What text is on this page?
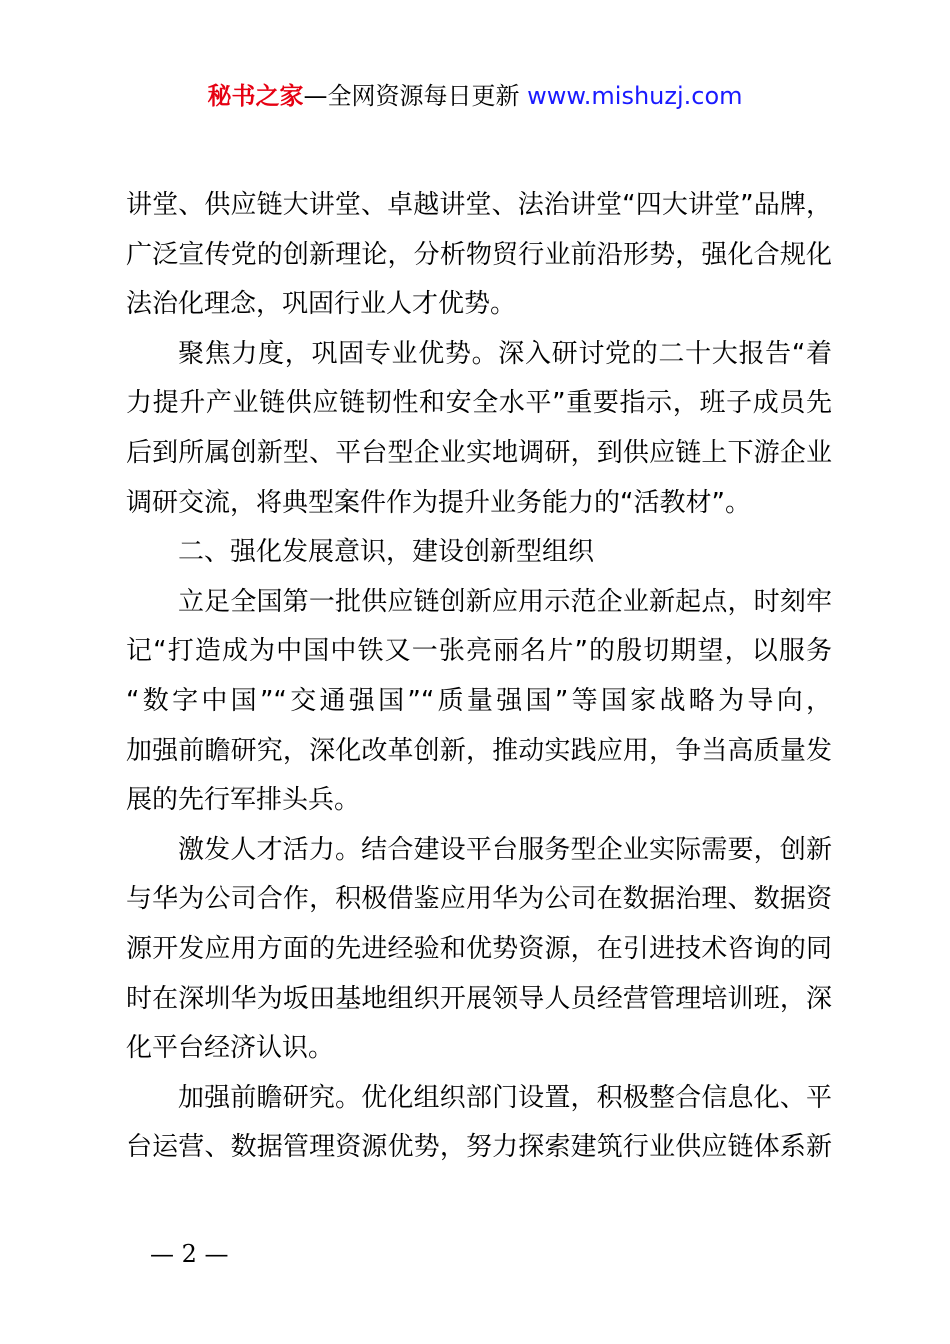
秘书之家—全网资源每日更新 www.mishuzj.com
讲堂、供应链大讲堂、卓越讲堂、法治讲堂“四大讲堂”品牌，
广泛宣传党的创新理论，分析物贸行业前沿形势，强化合规化
法治化理念，巩固行业人才优势。
聚焦力度，巩固专业优势。深入研讨党的二十大报告“着
力提升产业链供应链韧性和安全水平”重要指示，班子成员先
后到所属创新型、平台型企业实地调研，到供应链上下游企业
调研交流，将典型案件作为提升业务能力的“活教材”。
二、强化发展意识，建设创新型组织
立足全国第一批供应链创新应用示范企业新起点，时刻牢
记“打造成为中国中铁又一张亮丽名片”的殷切期望，以服务
“数字中国”“交通强国”“质量强国”等国家战略为导向，
加强前瞻研究，深化改革创新，推动实践应用，争当高质量发
展的先行军排头兵。
激发人才活力。结合建设平台服务型企业实际需要，创新
与华为公司合作，积极借鉴应用华为公司在数据治理、数据资
源开发应用方面的先进经验和优势资源，在引进技术咨询的同
时在深圳华为坂田基地组织开展领导人员经营管理培训班，深
化平台经济认识。
加强前瞻研究。优化组织部门设置，积极整合信息化、平
台运营、数据管理资源优势，努力探索建筑行业供应链体系新
— 2 —
